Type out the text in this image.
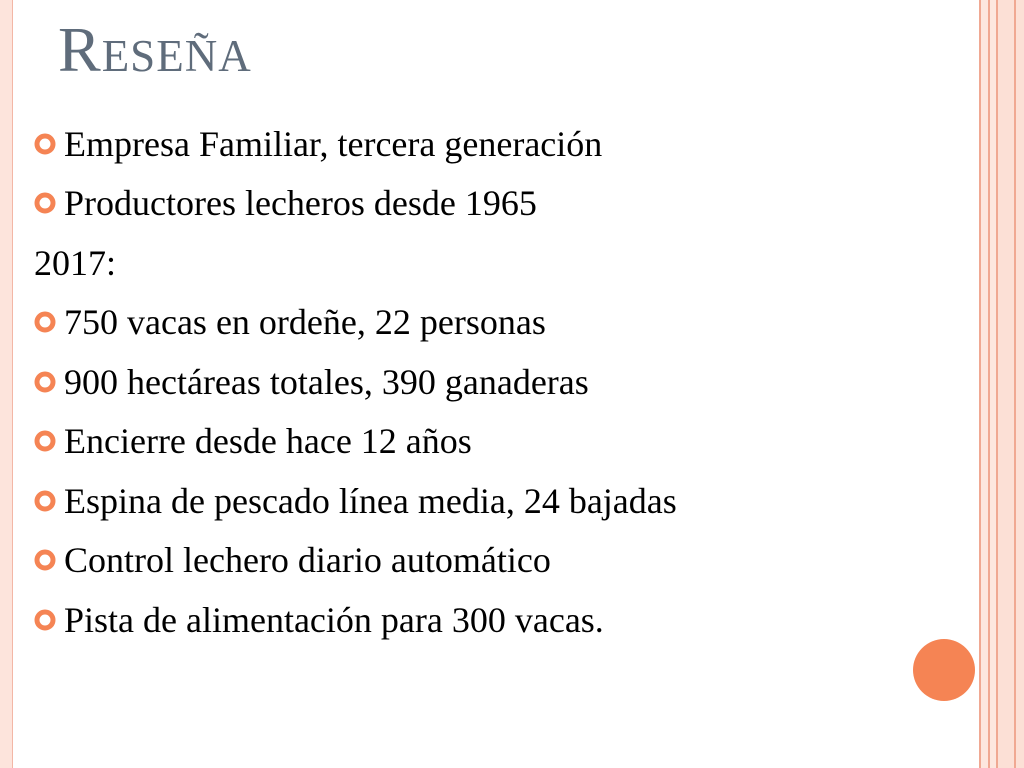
Reseña
Empresa Familiar, tercera generación
Productores lecheros desde 1965
2017:
750 vacas en ordeñe, 22 personas
900 hectáreas totales, 390 ganaderas
Encierre desde hace 12 años
Espina de pescado línea media, 24 bajadas
Control lechero diario automático
Pista de alimentación para 300 vacas.
